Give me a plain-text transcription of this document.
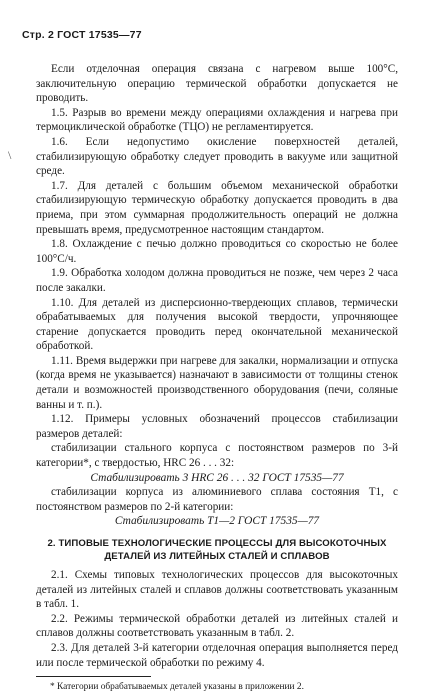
Стр. 2 ГОСТ 17535—77
\

Если отделочная операция связана с нагревом выше 100°С, заключительную операцию термической обработки допускается не проводить.

1.5. Разрыв во времени между операциями охлаждения и нагрева при термоциклической обработке (ТЦО) не регламентируется.

1.6. Если недопустимо окисление поверхностей деталей, стабилизирующую обработку следует проводить в вакууме или защитной среде.

1.7. Для деталей с большим объемом механической обработки стабилизирующую термическую обработку допускается проводить в два приема, при этом суммарная продолжительность операций не должна превышать время, предусмотренное настоящим стандартом.

1.8. Охлаждение с печью должно проводиться со скоростью не более 100°С/ч.

1.9. Обработка холодом должна проводиться не позже, чем через 2 часа после закалки.

1.10. Для деталей из дисперсионно-твердеющих сплавов, термически обрабатываемых для получения высокой твердости, упрочняющее старение допускается проводить перед окончательной механической обработкой.

1.11. Время выдержки при нагреве для закалки, нормализации и отпуска (когда время не указывается) назначают в зависимости от толщины стенок детали и возможностей производственного оборудования (печи, соляные ванны и т. п.).

1.12. Примеры условных обозначений процессов стабилизации размеров деталей:

стабилизации стального корпуса с постоянством размеров по 3-й категории*, с твердостью, HRC 26 . . . 32:

Стабилизировать 3 HRC 26 . . . 32 ГОСТ 17535—77

стабилизации корпуса из алюминиевого сплава состояния Т1, с постоянством размеров по 2-й категории:

Стабилизировать Т1—2 ГОСТ 17535—77

2. ТИПОВЫЕ ТЕХНОЛОГИЧЕСКИЕ ПРОЦЕССЫ ДЛЯ ВЫСОКОТОЧНЫХ ДЕТАЛЕЙ ИЗ ЛИТЕЙНЫХ СТАЛЕЙ И СПЛАВОВ

2.1. Схемы типовых технологических процессов для высокоточных деталей из литейных сталей и сплавов должны соответствовать указанным в табл. 1.

2.2. Режимы термической обработки деталей из литейных сталей и сплавов должны соответствовать указанным в табл. 2.

2.3. Для деталей 3-й категории отделочная операция выполняется перед или после термической обработки по режиму 4.

* Категории обрабатываемых деталей указаны в приложении 2.
